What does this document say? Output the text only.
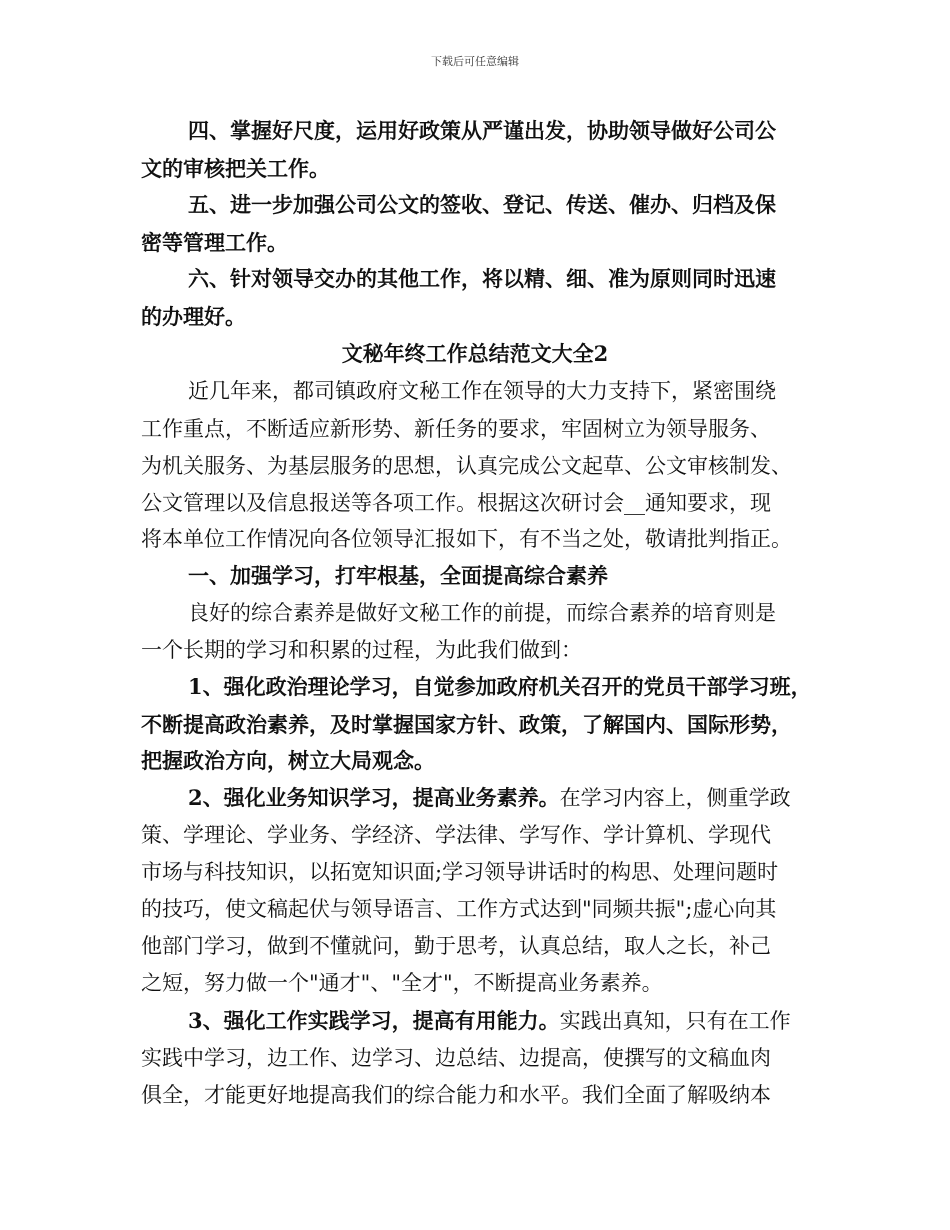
下载后可任意编辑
四、掌握好尺度，运用好政策从严谨出发，协助领导做好公司公
文的审核把关工作。
五、进一步加强公司公文的签收、登记、传送、催办、归档及保
密等管理工作。
六、针对领导交办的其他工作，将以精、细、准为原则同时迅速
的办理好。
文秘年终工作总结范文大全2
近几年来，都司镇政府文秘工作在领导的大力支持下，紧密围绕
工作重点，不断适应新形势、新任务的要求，牢固树立为领导服务、
为机关服务、为基层服务的思想，认真完成公文起草、公文审核制发、
公文管理以及信息报送等各项工作。根据这次研讨会__通知要求，现
将本单位工作情况向各位领导汇报如下，有不当之处，敬请批判指正。
一、加强学习，打牢根基，全面提高综合素养
良好的综合素养是做好文秘工作的前提，而综合素养的培育则是
一个长期的学习和积累的过程，为此我们做到：
1、强化政治理论学习，自觉参加政府机关召开的党员干部学习班，
不断提高政治素养，及时掌握国家方针、政策，了解国内、国际形势，
把握政治方向，树立大局观念。
2、强化业务知识学习，提高业务素养。在学习内容上，侧重学政
策、学理论、学业务、学经济、学法律、学写作、学计算机、学现代
市场与科技知识，以拓宽知识面;学习领导讲话时的构思、处理问题时
的技巧，使文稿起伏与领导语言、工作方式达到"同频共振";虚心向其
他部门学习，做到不懂就问，勤于思考，认真总结，取人之长，补己
之短，努力做一个"通才"、"全才"，不断提高业务素养。
3、强化工作实践学习，提高有用能力。实践出真知，只有在工作
实践中学习，边工作、边学习、边总结、边提高，使撰写的文稿血肉
俱全，才能更好地提高我们的综合能力和水平。我们全面了解吸纳本
